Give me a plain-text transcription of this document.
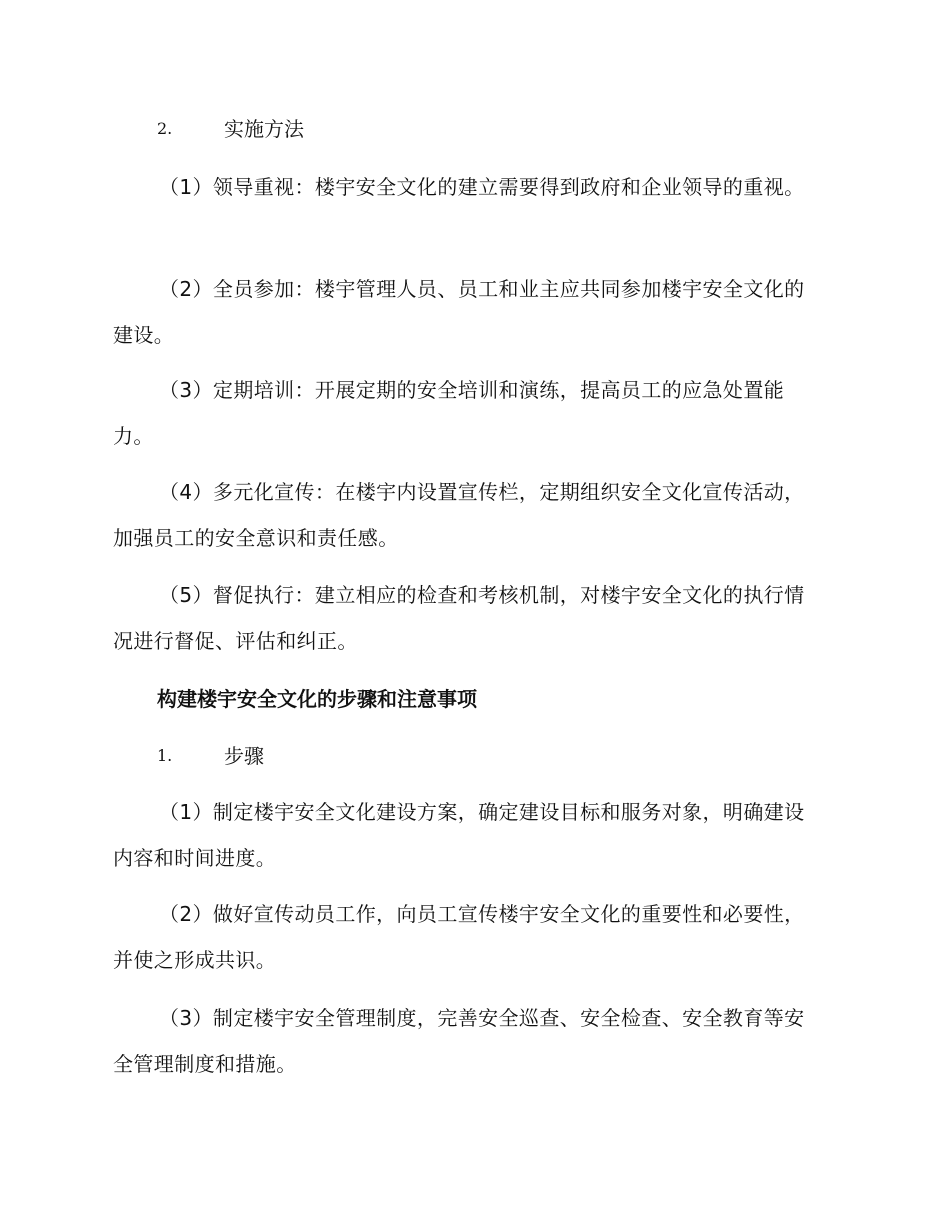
2.	实施方法

（1）领导重视：楼宇安全文化的建立需要得到政府和企业领导的重视。

（2）全员参加：楼宇管理人员、员工和业主应共同参加楼宇安全文化的建设。

（3）定期培训：开展定期的安全培训和演练，提高员工的应急处置能力。

（4）多元化宣传：在楼宇内设置宣传栏，定期组织安全文化宣传活动，加强员工的安全意识和责任感。

（5）督促执行：建立相应的检查和考核机制，对楼宇安全文化的执行情况进行督促、评估和纠正。

构建楼宇安全文化的步骤和注意事项
1.	步骤

（1）制定楼宇安全文化建设方案，确定建设目标和服务对象，明确建设内容和时间进度。

（2）做好宣传动员工作，向员工宣传楼宇安全文化的重要性和必要性，并使之形成共识。

（3）制定楼宇安全管理制度，完善安全巡查、安全检查、安全教育等安全管理制度和措施。
